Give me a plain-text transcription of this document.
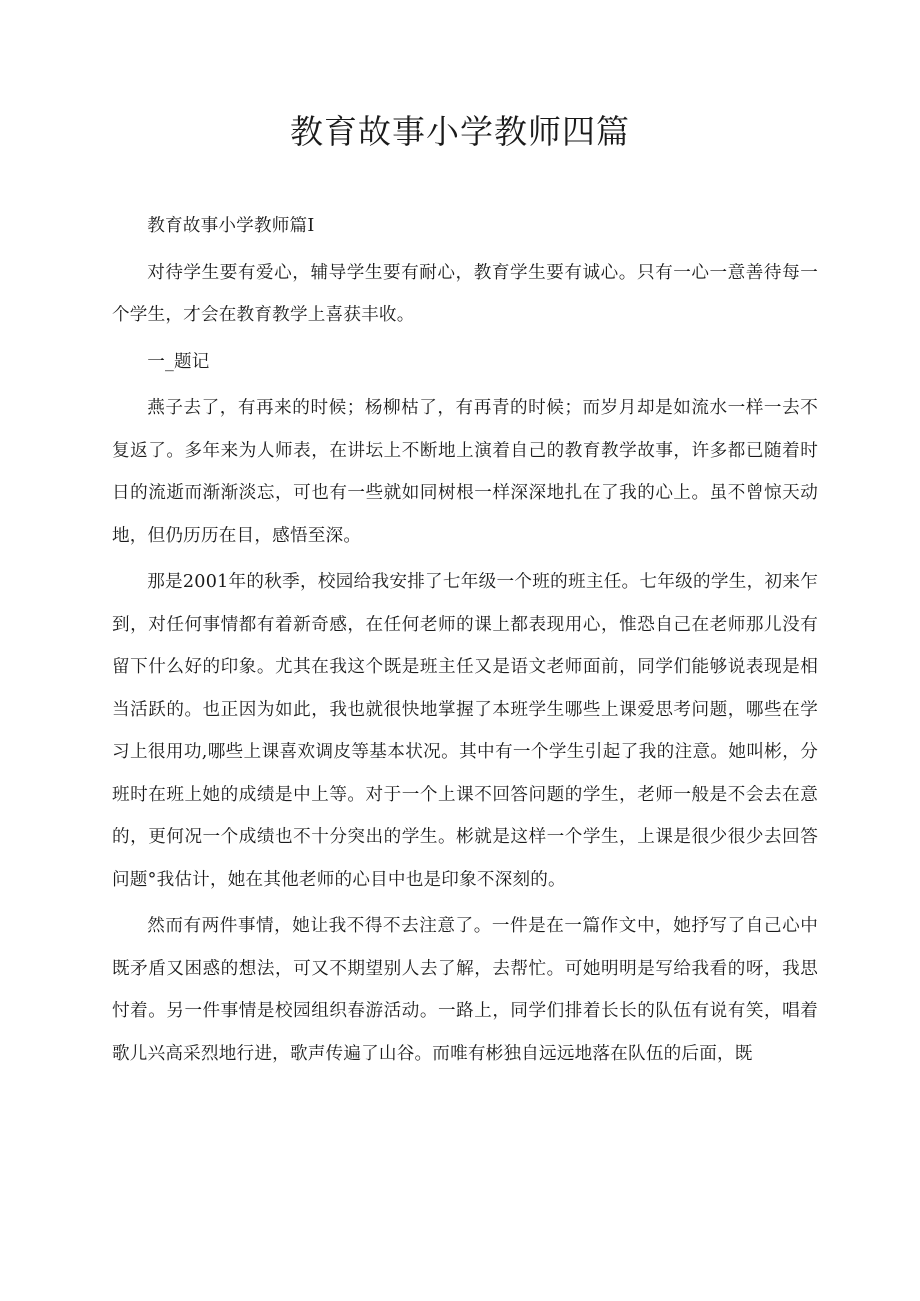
教育故事小学教师四篇

教育故事小学教师篇Ⅰ

对待学生要有爱心，辅导学生要有耐心，教育学生要有诚心。只有一心一意善待每一个学生，才会在教育教学上喜获丰收。

一_题记

燕子去了，有再来的时候；杨柳枯了，有再青的时候；而岁月却是如流水一样一去不复返了。多年来为人师表，在讲坛上不断地上演着自己的教育教学故事，许多都已随着时日的流逝而渐渐淡忘，可也有一些就如同树根一样深深地扎在了我的心上。虽不曾惊天动地，但仍历历在目，感悟至深。

那是2001年的秋季，校园给我安排了七年级一个班的班主任。七年级的学生，初来乍到，对任何事情都有着新奇感，在任何老师的课上都表现用心，惟恐自己在老师那儿没有留下什么好的印象。尤其在我这个既是班主任又是语文老师面前，同学们能够说表现是相当活跃的。也正因为如此，我也就很快地掌握了本班学生哪些上课爱思考问题，哪些在学习上很用功,哪些上课喜欢调皮等基本状况。其中有一个学生引起了我的注意。她叫彬，分班时在班上她的成绩是中上等。对于一个上课不回答问题的学生，老师一般是不会去在意的，更何况一个成绩也不十分突出的学生。彬就是这样一个学生，上课是很少很少去回答问题°我估计，她在其他老师的心目中也是印象不深刻的。

然而有两件事情，她让我不得不去注意了。一件是在一篇作文中，她抒写了自己心中既矛盾又困惑的想法，可又不期望别人去了解，去帮忙。可她明明是写给我看的呀，我思忖着。另一件事情是校园组织春游活动。一路上，同学们排着长长的队伍有说有笑，唱着歌儿兴高采烈地行进，歌声传遍了山谷。而唯有彬独自远远地落在队伍的后面，既
